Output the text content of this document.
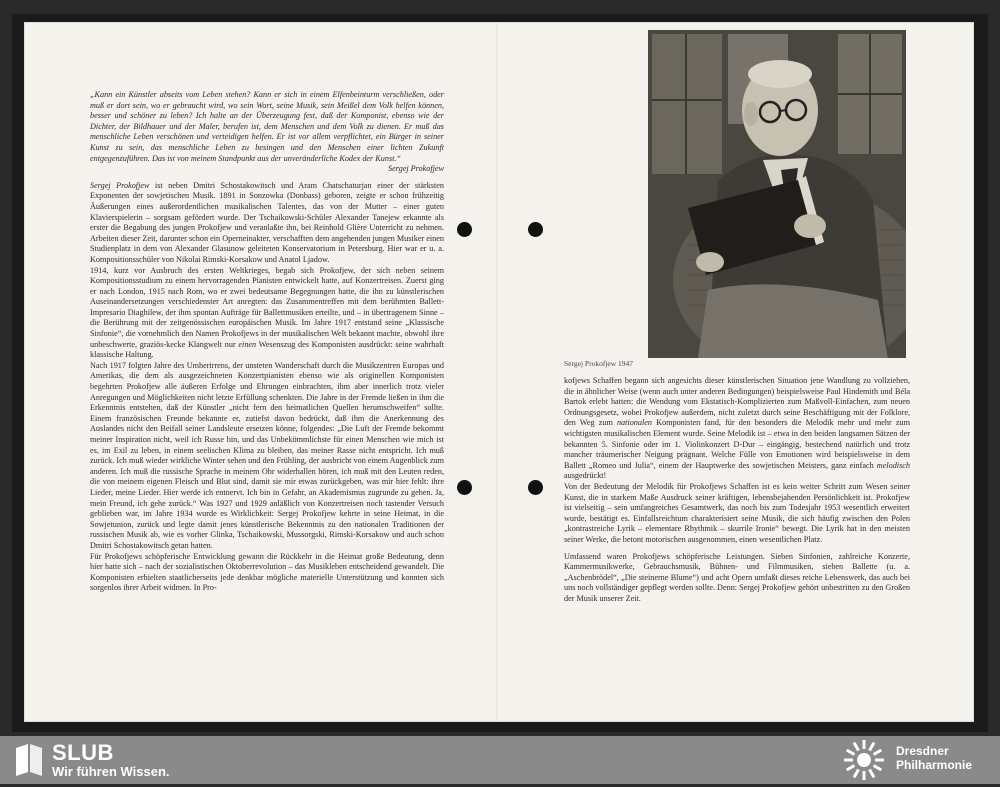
„Kann ein Künstler abseits vom Leben stehen? Kann er sich in einem Elfenbeinturm verschließen, oder muß er dort sein, wo er gebraucht wird, wo sein Wort, seine Musik, sein Meißel dem Volk helfen können, besser und schöner zu leben? Ich halte an der Überzeugung fest, daß der Komponist, ebenso wie der Dichter, der Bildhauer und der Maler, berufen ist, dem Menschen und dem Volk zu dienen. Er muß das menschliche Leben verschönen und verteidigen helfen. Er ist vor allem verpflichtet, ein Bürger in seiner Kunst zu sein, das menschliche Leben zu besingen und den Menschen einer lichten Zukunft entgegenzuführen. Das ist von meinem Standpunkt aus der unveränderliche Kodex der Kunst.“

Sergej Prokofjew

Sergej Prokofjew ist neben Dmitri Schostakowitsch und Aram Chatschaturjan einer der stärksten Exponenten der sowjetischen Musik. 1891 in Sonzowka (Donbass) geboren, zeigte er schon frühzeitig Äußerungen eines außerordentlichen musikalischen Talentes, das von der Mutter – einer guten Klavierspielerin – sorgsam gefördert wurde. Der Tschaikowski-Schüler Alexander Tanejew erkannte als erster die Begabung des jungen Prokofjew und veranlaßte ihn, bei Reinhold Glière Unterricht zu nehmen. Arbeiten dieser Zeit, darunter schon ein Operneinakter, verschafften dem angehenden jungen Musiker einen Studienplatz in dem von Alexander Glasunow geleiteten Konservatorium in Petersburg. Hier war er u. a. Kompositionsschüler von Nikolai Rimski-Korsakow und Anatol Ljadow.

1914, kurz vor Ausbruch des ersten Weltkrieges, begab sich Prokofjew, der sich neben seinem Kompositionsstudium zu einem hervorragenden Pianisten entwickelt hatte, auf Konzertreisen. Zuerst ging er nach London, 1915 nach Rom, wo er zwei bedeutsame Begegnungen hatte, die ihn zu künstlerischen Auseinandersetzungen verschiedenster Art anregten: das Zusammentreffen mit dem berühmten Ballett-Impresario Diaghilew, der ihm spontan Aufträge für Ballettmusiken erteilte, und – in übertragenem Sinne – die Berührung mit der zeitgenössischen europäischen Musik. Im Jahre 1917 entstand seine „Klassische Sinfonie“, die vornehmlich den Namen Prokofjews in der musikalischen Welt bekannt machte, obwohl ihre unbeschwerte, graziös-kecke Klangwelt nur einen Wesenszug des Komponisten ausdrückt: seine wahrhaft klassische Haltung.

Nach 1917 folgten Jahre des Umherirrens, der unsteten Wanderschaft durch die Musikzentren Europas und Amerikas, die dem als ausgezeichneten Konzertpianisten ebenso wie als originellen Komponisten begehrten Prokofjew alle äußeren Erfolge und Ehrungen einbrachten, ihm aber innerlich trotz vieler Anregungen und Möglichkeiten nicht letzte Erfüllung schenkten. Die Jahre in der Fremde ließen in ihm die Erkenntnis entstehen, daß der Künstler „nicht fern den heimatlichen Quellen herumschweifen“ sollte. Einem französischen Freunde bekannte er, zutiefst davon bedrückt, daß ihm die Anerkennung des Auslandes nicht den Beifall seiner Landsleute ersetzen könne, folgendes: „Die Luft der Fremde bekommt meiner Inspiration nicht, weil ich Russe bin, und das Unbekömmlichste für einen Menschen wie mich ist es, im Exil zu leben, in einem seelischen Klima zu bleiben, das meiner Rasse nicht entspricht. Ich muß zurück. Ich muß wieder wirkliche Winter sehen und den Frühling, der ausbricht von einem Augenblick zum anderen. Ich muß die russische Sprache in meinem Ohr widerhallen hören, ich muß mit den Leuten reden, die von meinem eigenen Fleisch und Blut sind, damit sie mir etwas zurückgeben, was mir hier fehlt: ihre Lieder, meine Lieder. Hier werde ich entnervt. Ich bin in Gefahr, an Akademismus zugrunde zu gehen. Ja, mein Freund, ich gehe zurück.“ Was 1927 und 1929 anläßlich von Konzertreisen noch tastender Versuch geblieben war, im Jahre 1934 wurde es Wirklichkeit: Sergej Prokofjew kehrte in seine Heimat, in die Sowjetunion, zurück und legte damit jenes künstlerische Bekenntnis zu den nationalen Traditionen der russischen Musik ab, wie es vorher Glinka, Tschaikowski, Mussorgski, Rimski-Korsakow und auch schon Dmitri Schostakowitsch getan hatten.

Für Prokofjews schöpferische Entwicklung gewann die Rückkehr in die Heimat große Bedeutung, denn hier hatte sich – nach der sozialistischen Oktoberrevolution – das Musikleben entscheidend gewandelt. Die Komponisten erhielten staatlicherseits jede denkbar mögliche materielle Unterstützung und konnten sich sorgenlos ihrer Arbeit widmen. In Pro-

Sergej Prokofjew 1947

kofjews Schaffen begann sich angesichts dieser künstlerischen Situation jene Wandlung zu vollziehen, die in ähnlicher Weise (wenn auch unter anderen Bedingungen) beispielsweise Paul Hindemith und Béla Bartok erlebt hatten: die Wendung vom Ekstatisch-Komplizierten zum Maßvoll-Einfachen, zum neuen Ordnungsgesetz, wobei Prokofjew außerdem, nicht zuletzt durch seine Beschäftigung mit der Folklore, den Weg zum nationalen Komponisten fand, für den besonders die Melodik mehr und mehr zum wichtigsten musikalischen Element wurde. Seine Melodik ist – etwa in den beiden langsamen Sätzen der bekannten 5. Sinfonie oder im 1. Violinkonzert D-Dur – eingängig, bestechend natürlich und trotz mancher träumerischer Neigung prägnant. Welche Fülle von Emotionen wird beispielsweise in dem Ballett „Romeo und Julia“, einem der Hauptwerke des sowjetischen Meisters, ganz einfach melodisch ausgedrückt!

Von der Bedeutung der Melodik für Prokofjews Schaffen ist es kein weiter Schritt zum Wesen seiner Kunst, die in starkem Maße Ausdruck seiner kräftigen, lebensbejahenden Persönlichkeit ist. Prokofjew ist vielseitig – sein umfangreiches Gesamtwerk, das noch bis zum Todesjahr 1953 wesentlich erweitert wurde, bestätigt es. Einfallsreichtum charakterisiert seine Musik, die sich häufig zwischen den Polen „kontrastreiche Lyrik – elementare Rhythmik – skurrile Ironie“ bewegt. Die Lyrik hat in den meisten seiner Werke, die betont motorischen ausgenommen, einen wesentlichen Platz.

Umfassend waren Prokofjews schöpferische Leistungen. Sieben Sinfonien, zahlreiche Konzerte, Kammermusikwerke, Gebrauchsmusik, Bühnen- und Filmmusiken, sieben Ballette (u. a. „Aschenbrödel“, „Die steinerne Blume“) und acht Opern umfaßt dieses reiche Lebenswerk, das auch bei uns noch vollständiger gepflegt werden sollte. Denn: Sergej Prokofjew gehört unbestritten zu den Großen der Musik unserer Zeit.

SLUB
Wir führen Wissen.
Dresdner
Philharmonie
